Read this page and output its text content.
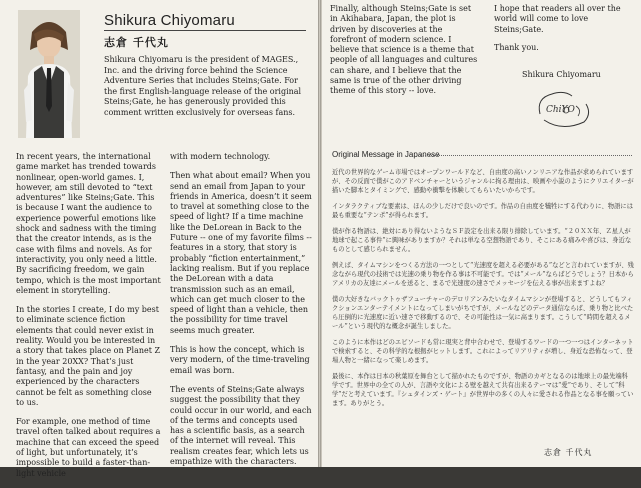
Shikura Chiyomaru
志倉 千代丸
Shikura Chiyomaru is the president of MAGES., Inc. and the driving force behind the Science Adventure Series that includes Steins;Gate. For the first English-language release of the original Steins;Gate, he has generously provided this comment written exclusively for overseas fans.

In recent years, the international game market has trended towards nonlinear, open-world games. I, however, am still devoted to “text adventures” like Steins;Gate. This is because I want the audience to experience powerful emotions like shock and sadness with the timing that the creator intends, as is the case with films and novels. As for interactivity, you only need a little. By sacrificing freedom, we gain tempo, which is the most important element in storytelling.

In the stories I create, I do my best to eliminate science fiction elements that could never exist in reality. Would you be interested in a story that takes place on Planet Z in the year 20XX? That’s just fantasy, and the pain and joy experienced by the characters cannot be felt as something close to us.

For example, one method of time travel often talked about requires a machine that can exceed the speed of light, but unfortunately, it’s impossible to build a faster-than-light vehicle

with modern technology.

Then what about email? When you send an email from Japan to your friends in America, doesn’t it seem to travel at something close to the speed of light? If a time machine like the DeLorean in Back to the Future -- one of my favorite films -- features in a story, that story is probably “fiction entertainment,” lacking realism. But if you replace the DeLorean with a data transmission such as an email, which can get much closer to the speed of light than a vehicle, then the possibility for time travel seems much greater.

This is how the concept, which is very modern, of the time-traveling email was born.

The events of Steins;Gate always suggest the possibility that they could occur in our world, and each of the terms and concepts used has a scientific basis, as a search of the internet will reveal. This realism creates fear, which lets us empathize with the characters.

Finally, although Steins;Gate is set in Akihabara, Japan, the plot is driven by discoveries at the forefront of modern science. I believe that science is a theme that people of all languages and cultures can share, and I believe that the same is true of the other driving theme of this story -- love.

I hope that readers all over the world will come to love Steins;Gate.

Thank you.

Shikura Chiyomaru
ChiYO
Original Message in Japanese

近代の世界的なゲーム市場ではオープンワールドなど、自由度の高いノンリニアな作品が求められていますが、その反面で僕がこのアドベンチャーというジャンルに拘る理由は、映画や小説のようにクリエイターが描いた脚本とタイミングで、感動や衝撃を体験してもらいたいからです。

インタラクティブな要素は、ほんの少しだけで良いのです。作品の自由度を犠牲にする代わりに、物語には最も重要な“テンポ”が得られます。

僕が作る物語は、絶対にあり得ないようなＳＦ設定を出来る限り排除しています。“２０ＸＸ年、Ｚ星人が地球で起こる事件”に興味がありますか？それは単なる空想物語であり、そこにある痛みや喜びは、身近なものとして感じられません。

例えば、タイムマシンをつくる方法の一つとして“光速度を超える必要がある”などと言われていますが、残念ながら現代の技術では光速の乗り物を作る事は不可能です。では“メール”ならばどうでしょう？日本からアメリカの友達にメールを送ると、まるで光速度の速さでメッセージを伝える事が出来ますよね？

僕の大好きなバックトゥザフューチャーのデロリアンみたいなタイムマシンが登場すると、どうしてもフィクションエンターテイメントになってしまいがちですが、メールなどのデータ通信ならば、乗り物と比べたら圧倒的に光速度に近い速さで移動するので、その可能性は一気に高まります。こうして“時間を超えるメール”という現代的な概念が誕生しました。

このように本作はどのエピソードも常に現実と背中合わせで、登場するワードの一つ一つはインターネットで検索すると、その科学的な根拠がヒットします。これによってリアリティが増し、身近な恐怖なって、登場人物と一緒になって楽しめます。

最後に、本作は日本の秋葉原を舞台として描かれたものですが、物語のカギとなるのは地球上の最先端科学です。世界中の全ての人が、言語や文化による壁を越えて共有出来るテーマは“愛”であり、そして“科学”だと考えています。『シュタインズ・ゲート』が世界中の多くの人々に愛される作品となる事を願っています。ありがとう。

志倉 千代丸
